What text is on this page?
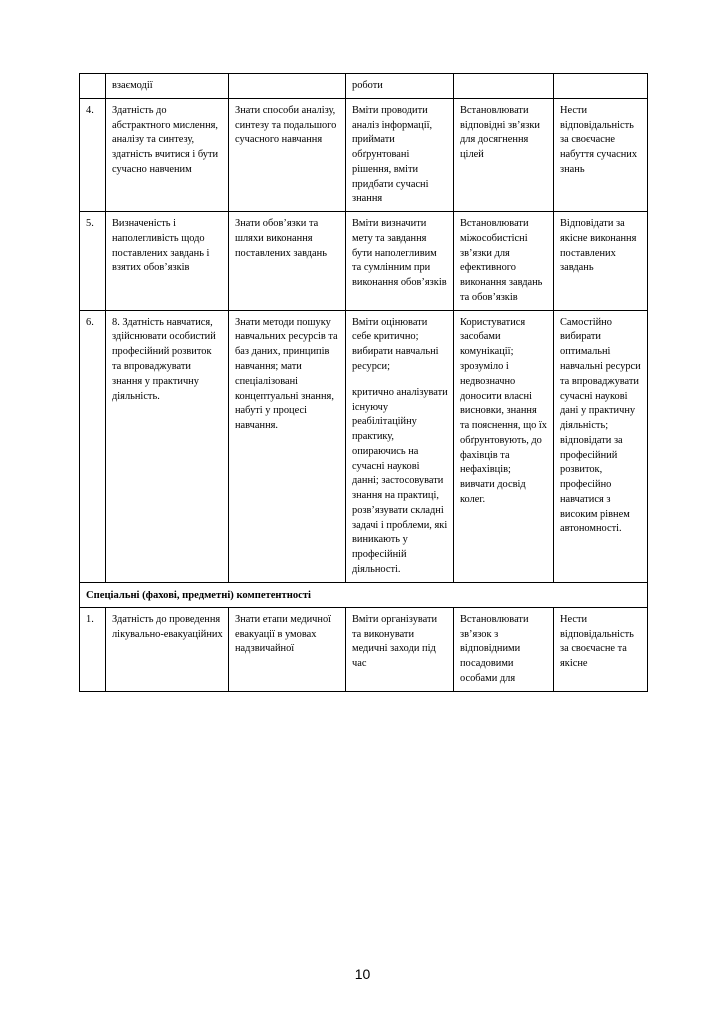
	взаємодії		роботи		
4.	Здатність до абстрактного мислення, аналізу та синтезу, здатність вчитися і бути сучасно навченим	Знати способи аналізу, синтезу та подальшого сучасного навчання	Вміти проводити аналіз інформації, приймати обґрунтовані рішення, вміти придбати сучасні знання	Встановлювати відповідні зв’язки для досягнення цілей	Нести відповідальність за своєчасне набуття сучасних знань
5.	Визначеність і наполегливість щодо поставлених завдань і взятих обов’язків	Знати обов’язки та шляхи виконання поставлених завдань	Вміти визначити мету та завдання бути наполегливим та сумлінним при виконання обов’язків	Встановлювати міжособистісні зв’язки для ефективного виконання завдань та обов’язків	Відповідати за якісне виконання поставлених завдань
6.	8. Здатність навчатися, здійснювати особистий професійний розвиток та впроваджувати знання у практичну діяльність.	Знати методи пошуку навчальних ресурсів та баз даних, принципів навчання; мати спеціалізовані концептуальні знання, набуті у процесі навчання.	Вміти оцінювати себе критично; вибирати навчальні ресурси;

критично аналізувати існуючу реабілітаційну практику, опираючись на сучасні наукові данні; застосовувати знання на практиці, розв’язувати складні задачі і проблеми, які виникають у професійній діяльності.	Користуватися засобами комунікації; зрозуміло і недвозначно доносити власні висновки, знання та пояснення, що їх обґрунтовують, до фахівців та нефахівців; вивчати досвід колег.	Самостійно вибирати оптимальні навчальні ресурси та впроваджувати сучасні наукові дані у практичну діяльність; відповідати за професійний розвиток, професійно навчатися з високим рівнем автономності.
Спеціальні (фахові, предметні) компетентності					
1.	Здатність до проведення лікувально-евакуаційних	Знати етапи медичної евакуації в умовах надзвичайної	Вміти організувати та виконувати медичні заходи під час	Встановлювати зв’язок з відповідними посадовими особами для	Нести відповідальність за своєчасне та якісне
10
